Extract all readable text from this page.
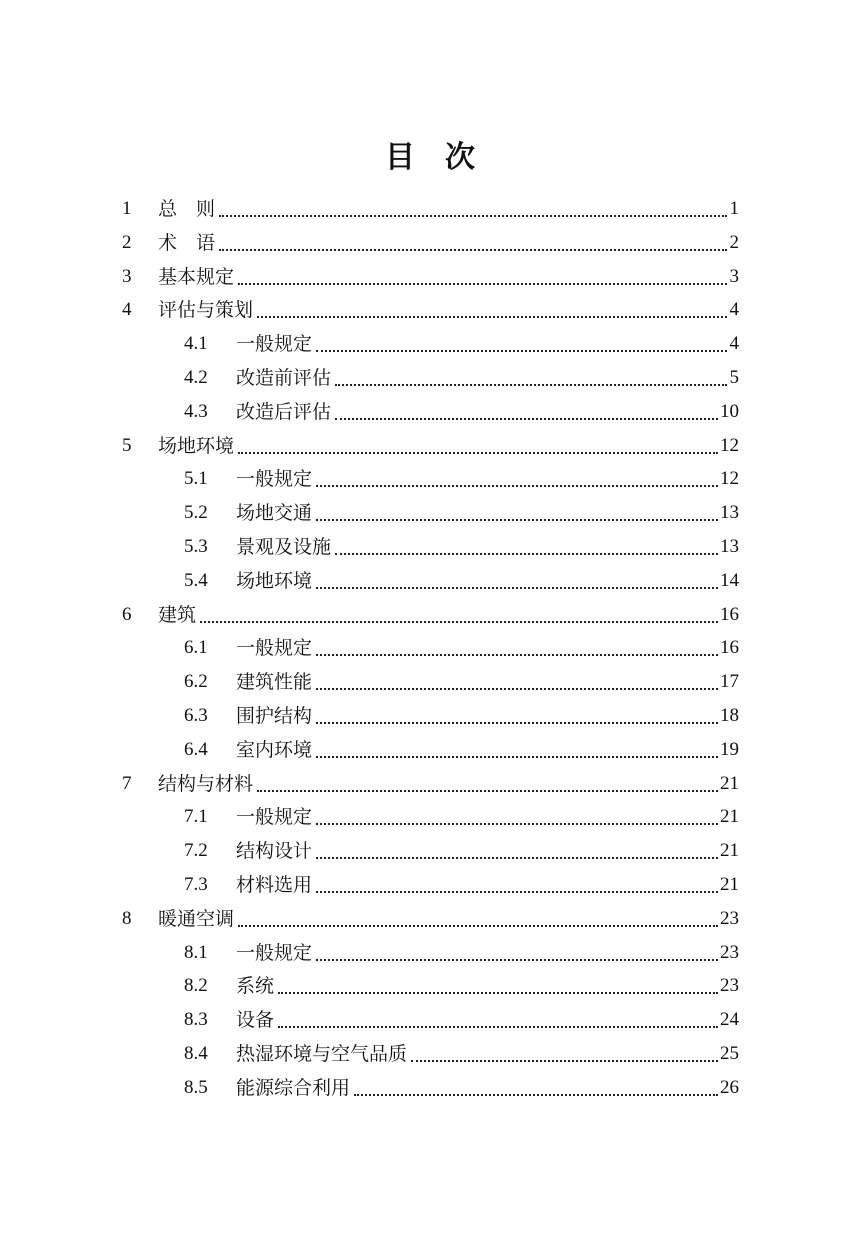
目 次
1	总　则	1
2	术　语	2
3	基本规定	3
4	评估与策划	4
4.1	一般规定	4
4.2	改造前评估	5
4.3	改造后评估	10
5	场地环境	12
5.1	一般规定	12
5.2	场地交通	13
5.3	景观及设施	13
5.4	场地环境	14
6	建筑	16
6.1	一般规定	16
6.2	建筑性能	17
6.3	围护结构	18
6.4	室内环境	19
7	结构与材料	21
7.1	一般规定	21
7.2	结构设计	21
7.3	材料选用	21
8	暖通空调	23
8.1	一般规定	23
8.2	系统	23
8.3	设备	24
8.4	热湿环境与空气品质	25
8.5	能源综合利用	26
